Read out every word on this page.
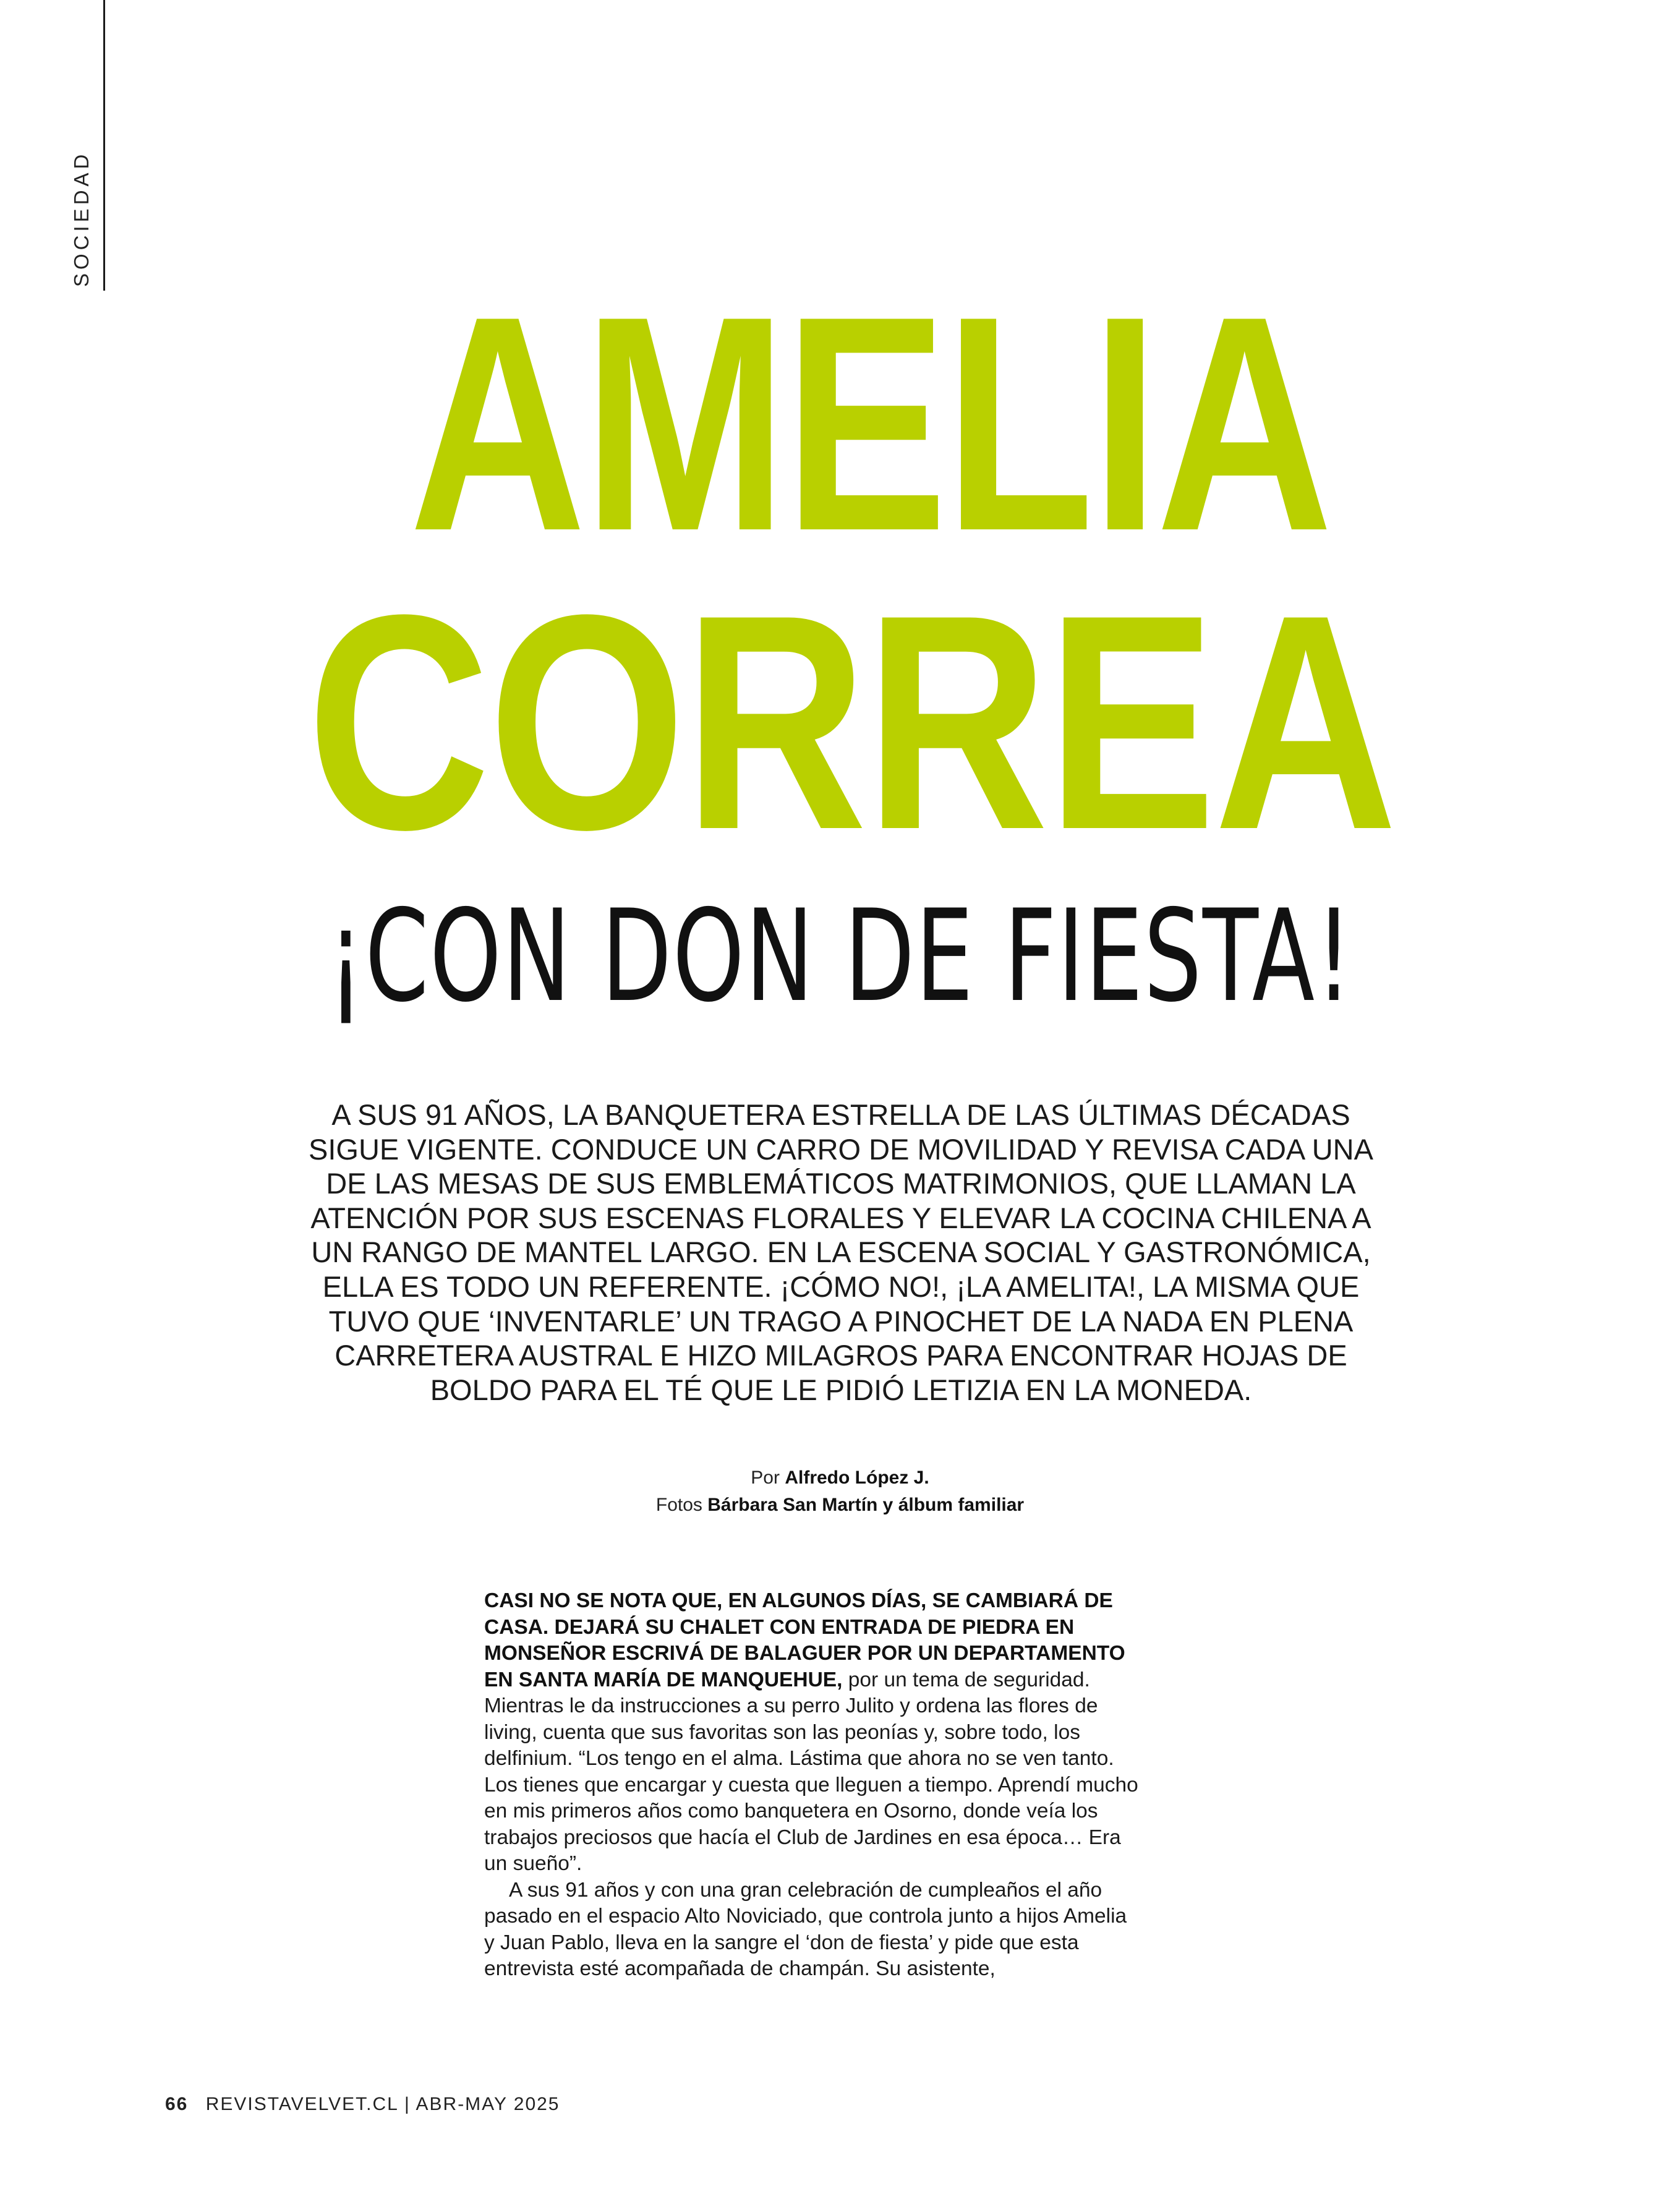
SOCIEDAD
AMELIA
CORREA
¡CON DON DE FIESTA!
A SUS 91 AÑOS, LA BANQUETERA ESTRELLA DE LAS ÚLTIMAS DÉCADAS SIGUE VIGENTE. CONDUCE UN CARRO DE MOVILIDAD Y REVISA CADA UNA DE LAS MESAS DE SUS EMBLEMÁTICOS MATRIMONIOS, QUE LLAMAN LA ATENCIÓN POR SUS ESCENAS FLORALES Y ELEVAR LA COCINA CHILENA A UN RANGO DE MANTEL LARGO. EN LA ESCENA SOCIAL Y GASTRONÓMICA, ELLA ES TODO UN REFERENTE. ¡CÓMO NO!, ¡LA AMELITA!, LA MISMA QUE TUVO QUE ‘INVENTARLE’ UN TRAGO A PINOCHET DE LA NADA EN PLENA CARRETERA AUSTRAL E HIZO MILAGROS PARA ENCONTRAR HOJAS DE BOLDO PARA EL TÉ QUE LE PIDIÓ LETIZIA EN LA MONEDA.
Por Alfredo López J.
Fotos Bárbara San Martín y álbum familiar

CASI NO SE NOTA QUE, EN ALGUNOS DÍAS, SE CAMBIARÁ DE CASA. DEJARÁ SU CHALET CON ENTRADA DE PIEDRA EN MONSEÑOR ESCRIVÁ DE BALAGUER POR UN DEPARTAMENTO EN SANTA MARÍA DE MANQUEHUE, por un tema de seguridad. Mientras le da instrucciones a su perro Julito y ordena las flores de living, cuenta que sus favoritas son las peonías y, sobre todo, los delfinium. “Los tengo en el alma. Lástima que ahora no se ven tanto. Los tienes que encargar y cuesta que lleguen a tiempo. Aprendí mucho en mis primeros años como banquetera en Osorno, donde veía los trabajos preciosos que hacía el Club de Jardines en esa época… Era un sueño”.

A sus 91 años y con una gran celebración de cumpleaños el año pasado en el espacio Alto Noviciado, que controla junto a hijos Amelia y Juan Pablo, lleva en la sangre el ‘don de fiesta’ y pide que esta entrevista esté acompañada de champán. Su asistente,

66 REVISTAVELVET.CL | ABR-MAY 2025
